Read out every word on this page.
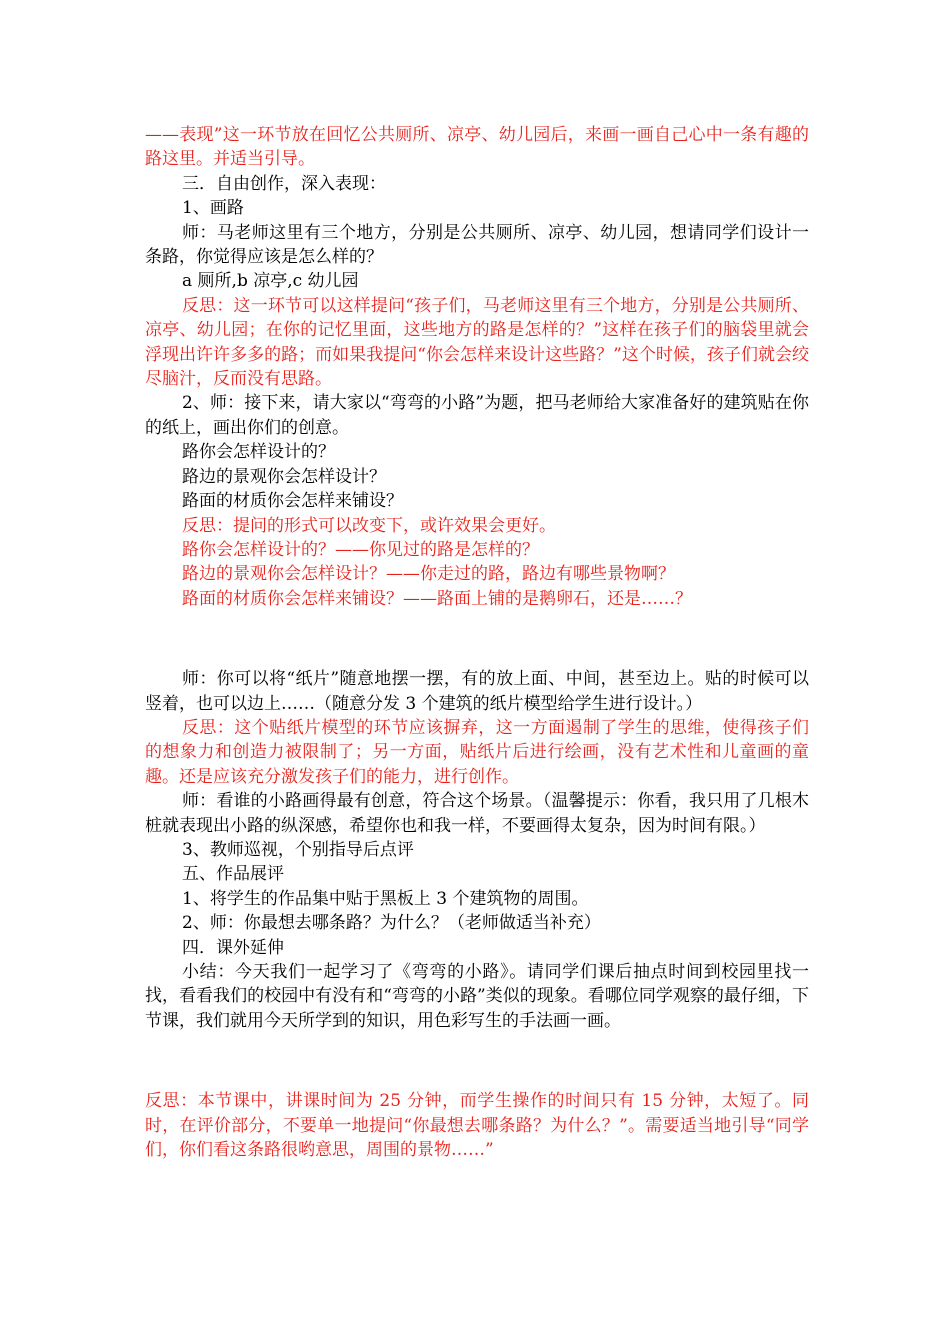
——表现”这一环节放在回忆公共厕所、凉亭、幼儿园后，来画一画自己心中一条有趣的路这里。并适当引导。

三．自由创作，深入表现：

1、画路

师：马老师这里有三个地方，分别是公共厕所、凉亭、幼儿园，想请同学们设计一条路，你觉得应该是怎么样的？

a 厕所,b 凉亭,c 幼儿园

反思：这一环节可以这样提问“孩子们，马老师这里有三个地方，分别是公共厕所、凉亭、幼儿园；在你的记忆里面，这些地方的路是怎样的？”这样在孩子们的脑袋里就会浮现出许许多多的路；而如果我提问“你会怎样来设计这些路？”这个时候，孩子们就会绞尽脑汁，反而没有思路。

2、师：接下来，请大家以“弯弯的小路”为题，把马老师给大家准备好的建筑贴在你的纸上，画出你们的创意。

路你会怎样设计的？

路边的景观你会怎样设计？

路面的材质你会怎样来铺设？

反思：提问的形式可以改变下，或许效果会更好。

路你会怎样设计的？——你见过的路是怎样的？

路边的景观你会怎样设计？——你走过的路，路边有哪些景物啊？

路面的材质你会怎样来铺设？——路面上铺的是鹅卵石，还是……？

师：你可以将“纸片”随意地摆一摆，有的放上面、中间，甚至边上。贴的时候可以竖着，也可以边上……（随意分发 3 个建筑的纸片模型给学生进行设计。）

反思：这个贴纸片模型的环节应该摒弃，这一方面遏制了学生的思维，使得孩子们的想象力和创造力被限制了；另一方面，贴纸片后进行绘画，没有艺术性和儿童画的童趣。还是应该充分激发孩子们的能力，进行创作。

师：看谁的小路画得最有创意，符合这个场景。（温馨提示：你看，我只用了几根木桩就表现出小路的纵深感，希望你也和我一样，不要画得太复杂，因为时间有限。）

3、教师巡视，个别指导后点评

五、作品展评

1、将学生的作品集中贴于黑板上 3 个建筑物的周围。

2、师：你最想去哪条路？为什么？（老师做适当补充）

四．课外延伸

小结：今天我们一起学习了《弯弯的小路》。请同学们课后抽点时间到校园里找一找，看看我们的校园中有没有和“弯弯的小路”类似的现象。看哪位同学观察的最仔细，下节课，我们就用今天所学到的知识，用色彩写生的手法画一画。

反思：本节课中，讲课时间为 25 分钟，而学生操作的时间只有 15 分钟，太短了。同时，在评价部分，不要单一地提问“你最想去哪条路？为什么？”。需要适当地引导“同学们，你们看这条路很哟意思，周围的景物……”
